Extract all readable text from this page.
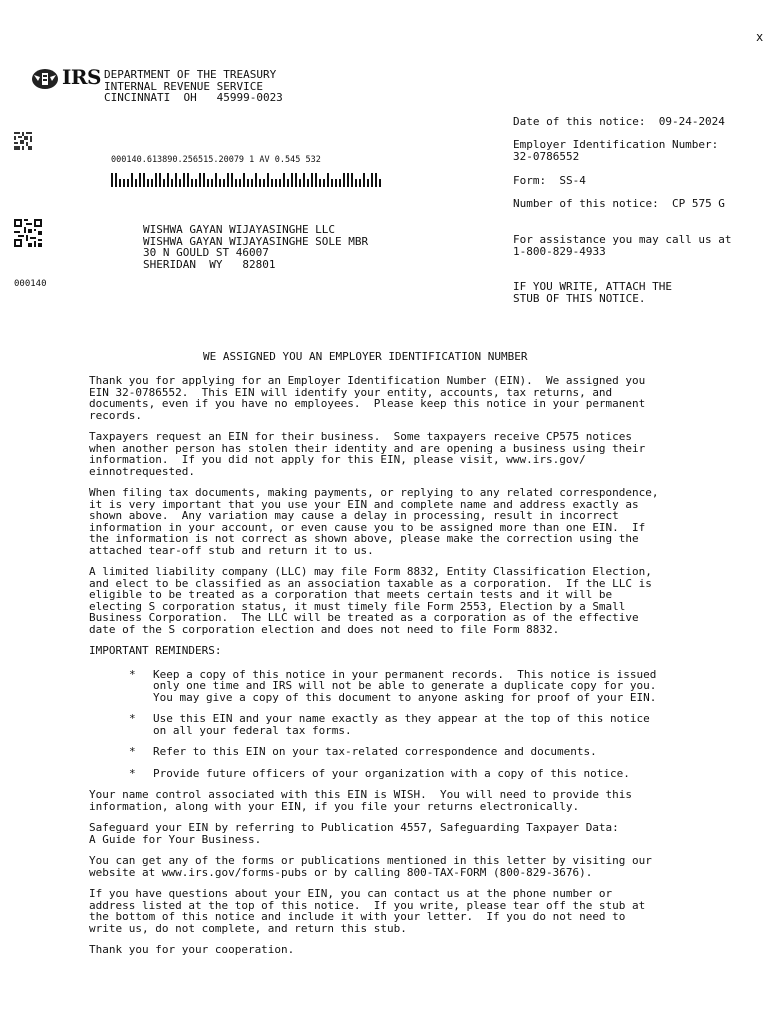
x
IRS DEPARTMENT OF THE TREASURY
INTERNAL REVENUE SERVICE
CINCINNATI  OH   45999-0023
000140
000140.613890.256515.20079 1 AV 0.545 532
WISHWA GAYAN WIJAYASINGHE LLC
WISHWA GAYAN WIJAYASINGHE SOLE MBR
30 N GOULD ST 46007
SHERIDAN  WY   82801
Date of this notice: 09-24-2024
Employer Identification Number:
32-0786552
Form: SS-4
Number of this notice: CP 575 G
For assistance you may call us at
1-800-829-4933
IF YOU WRITE, ATTACH THE
STUB OF THIS NOTICE.
WE ASSIGNED YOU AN EMPLOYER IDENTIFICATION NUMBER
Thank you for applying for an Employer Identification Number (EIN).  We assigned you
EIN 32-0786552.  This EIN will identify your entity, accounts, tax returns, and
documents, even if you have no employees.  Please keep this notice in your permanent
records.
Taxpayers request an EIN for their business.  Some taxpayers receive CP575 notices
when another person has stolen their identity and are opening a business using their
information.  If you did not apply for this EIN, please visit, www.irs.gov/
einnotrequested.
When filing tax documents, making payments, or replying to any related correspondence,
it is very important that you use your EIN and complete name and address exactly as
shown above.  Any variation may cause a delay in processing, result in incorrect
information in your account, or even cause you to be assigned more than one EIN.  If
the information is not correct as shown above, please make the correction using the
attached tear-off stub and return it to us.
A limited liability company (LLC) may file Form 8832, Entity Classification Election,
and elect to be classified as an association taxable as a corporation.  If the LLC is
eligible to be treated as a corporation that meets certain tests and it will be
electing S corporation status, it must timely file Form 2553, Election by a Small
Business Corporation.  The LLC will be treated as a corporation as of the effective
date of the S corporation election and does not need to file Form 8832.
IMPORTANT REMINDERS:
*	Keep a copy of this notice in your permanent records.  This notice is issued
only one time and IRS will not be able to generate a duplicate copy for you.
You may give a copy of this document to anyone asking for proof of your EIN.
*	Use this EIN and your name exactly as they appear at the top of this notice
on all your federal tax forms.
*	Refer to this EIN on your tax-related correspondence and documents.
*	Provide future officers of your organization with a copy of this notice.
Your name control associated with this EIN is WISH.  You will need to provide this
information, along with your EIN, if you file your returns electronically.
Safeguard your EIN by referring to Publication 4557, Safeguarding Taxpayer Data:
A Guide for Your Business.
You can get any of the forms or publications mentioned in this letter by visiting our
website at www.irs.gov/forms-pubs or by calling 800-TAX-FORM (800-829-3676).
If you have questions about your EIN, you can contact us at the phone number or
address listed at the top of this notice.  If you write, please tear off the stub at
the bottom of this notice and include it with your letter.  If you do not need to
write us, do not complete, and return this stub.
Thank you for your cooperation.
